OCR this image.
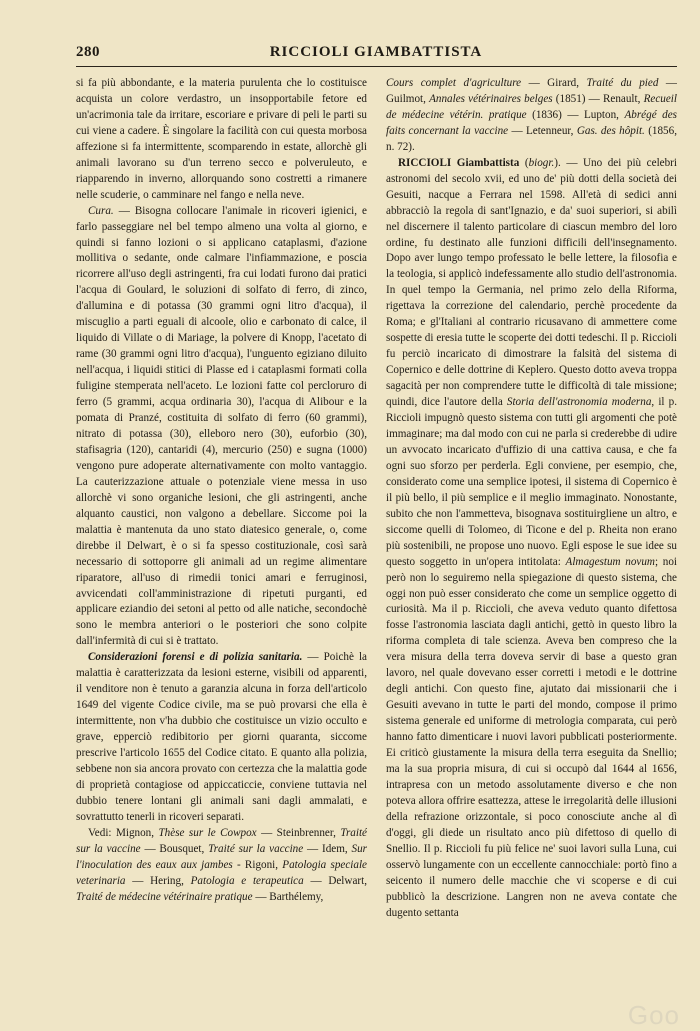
280	RICCIOLI GIAMBATTISTA

si fa più abbondante, e la materia purulenta che lo costituisce acquista un colore verdastro, un insopportabile fetore ed un'acrimonia tale da irritare, escoriare e privare di peli le parti su cui viene a cadere. È singolare la facilità con cui questa morbosa affezione si fa intermittente, scomparendo in estate, allorchè gli animali lavorano su d'un terreno secco e polveruleuto, e riapparendo in inverno, allorquando sono costretti a rimanere nelle scuderie, o camminare nel fango e nella neve.

Cura. — Bisogna collocare l'animale in ricoveri igienici, e farlo passeggiare nel bel tempo almeno una volta al giorno, e quindi si fanno lozioni o si applicano cataplasmi, d'azione mollitiva o sedante, onde calmare l'infiammazione, e poscia ricorrere all'uso degli astringenti, fra cui lodati furono dai pratici l'acqua di Goulard, le soluzioni di solfato di ferro, di zinco, d'allumina e di potassa (30 grammi ogni litro d'acqua), il miscuglio a parti eguali di alcoole, olio e carbonato di calce, il liquido di Villate o di Mariage, la polvere di Knopp, l'acetato di rame (30 grammi ogni litro d'acqua), l'unguento egiziano diluito nell'acqua, i liquidi stitici di Plasse ed i cataplasmi formati colla fuligine stemperata nell'aceto. Le lozioni fatte col percloruro di ferro (5 grammi, acqua ordinaria 30), l'acqua di Alibour e la pomata di Pranzé, costituita di solfato di ferro (60 grammi), nitrato di potassa (30), elleboro nero (30), euforbio (30), stafisagria (120), cantaridi (4), mercurio (250) e sugna (1000) vengono pure adoperate alternativamente con molto vantaggio. La cauterizzazione attuale o potenziale viene messa in uso allorchè vi sono organiche lesioni, che gli astringenti, anche alquanto caustici, non valgono a debellare. Siccome poi la malattia è mantenuta da uno stato diatesico generale, o, come direbbe il Delwart, è o si fa spesso costituzionale, così sarà necessario di sottoporre gli animali ad un regime alimentare riparatore, all'uso di rimedii tonici amari e ferruginosi, avvicendati coll'amministrazione di ripetuti purganti, ed applicare eziandio dei setoni al petto od alle natiche, secondochè sono le membra anteriori o le posteriori che sono colpite dall'infermità di cui si è trattato.

Considerazioni forensi e di polizia sanitaria. — Poichè la malattia è caratterizzata da lesioni esterne, visibili od apparenti, il venditore non è tenuto a garanzia alcuna in forza dell'articolo 1649 del vigente Codice civile, ma se può provarsi che ella è intermittente, non v'ha dubbio che costituisce un vizio occulto e grave, epperciò redibitorio per giorni quaranta, siccome prescrive l'articolo 1655 del Codice citato. E quanto alla polizia, sebbene non sia ancora provato con certezza che la malattia gode di proprietà contagiose od appiccaticcie, conviene tuttavia nel dubbio tenere lontani gli animali sani dagli ammalati, e sovrattutto tenerli in ricoveri separati.

Vedi: Mignon, Thèse sur le Cowpox — Steinbrenner, Traité sur la vaccine — Bousquet, Traité sur la vaccine — Idem, Sur l'inoculation des eaux aux jambes - Rigoni, Patologia speciale veterinaria — Hering, Patologia e terapeutica — Delwart, Traité de médecine vétérinaire pratique — Barthélemy,

Cours complet d'agriculture — Girard, Traité du pied — Guilmot, Annales vétérinaires belges (1851) — Renault, Recueil de médecine vétérin. pratique (1836) — Lupton, Abrégé des faits concernant la vaccine — Letenneur, Gas. des hôpit. (1856, n. 72).

RICCIOLI Giambattista (biogr.). — Uno dei più celebri astronomi del secolo xvii, ed uno de' più dotti della società dei Gesuiti, nacque a Ferrara nel 1598. All'età di sedici anni abbracciò la regola di sant'Ignazio, e da' suoi superiori, si abilì nel discernere il talento particolare di ciascun membro del loro ordine, fu destinato alle funzioni difficili dell'insegnamento. Dopo aver lungo tempo professato le belle lettere, la filosofia e la teologia, si applicò indefessamente allo studio dell'astronomia. In quel tempo la Germania, nel primo zelo della Riforma, rigettava la correzione del calendario, perchè procedente da Roma; e gl'Italiani al contrario ricusavano di ammettere come sospette di eresia tutte le scoperte dei dotti tedeschi. Il p. Riccioli fu perciò incaricato di dimostrare la falsità del sistema di Copernico e delle dottrine di Keplero. Questo dotto aveva troppa sagacità per non comprendere tutte le difficoltà di tale missione; quindi, dice l'autore della Storia dell'astronomia moderna, il p. Riccioli impugnò questo sistema con tutti gli argomenti che potè immaginare; ma dal modo con cui ne parla si crederebbe di udire un avvocato incaricato d'uffizio di una cattiva causa, e che fa ogni suo sforzo per perderla. Egli conviene, per esempio, che, considerato come una semplice ipotesi, il sistema di Copernico è il più bello, il più semplice e il meglio immaginato. Nonostante, subito che non l'ammetteva, bisognava sostituirgliene un altro, e siccome quelli di Tolomeo, di Ticone e del p. Rheita non erano più sostenibili, ne propose uno nuovo. Egli espose le sue idee su questo soggetto in un'opera intitolata: Almagestum novum; noi però non lo seguiremo nella spiegazione di questo sistema, che oggi non può esser considerato che come un semplice oggetto di curiosità. Ma il p. Riccioli, che aveva veduto quanto difettosa fosse l'astronomia lasciata dagli antichi, gettò in questo libro la riforma completa di tale scienza. Aveva ben compreso che la vera misura della terra doveva servir di base a questo gran lavoro, nel quale dovevano esser corretti i metodi e le dottrine degli antichi. Con questo fine, ajutato dai missionarii che i Gesuiti avevano in tutte le parti del mondo, compose il primo sistema generale ed uniforme di metrologia comparata, cui però hanno fatto dimenticare i nuovi lavori pubblicati posteriormente. Ei criticò giustamente la misura della terra eseguita da Snellio; ma la sua propria misura, di cui si occupò dal 1644 al 1656, intrapresa con un metodo assolutamente diverso e che non poteva allora offrire esattezza, attese le irregolarità delle illusioni della refrazione orizzontale, si poco conosciute anche al dì d'oggi, gli diede un risultato anco più difettoso di quello di Snellio. Il p. Riccioli fu più felice ne' suoi lavori sulla Luna, cui osservò lungamente con un eccellente cannocchiale: portò fino a seicento il numero delle macchie che vi scoperse e di cui pubblicò la descrizione. Langren non ne aveva contate che dugento settanta

Goo
